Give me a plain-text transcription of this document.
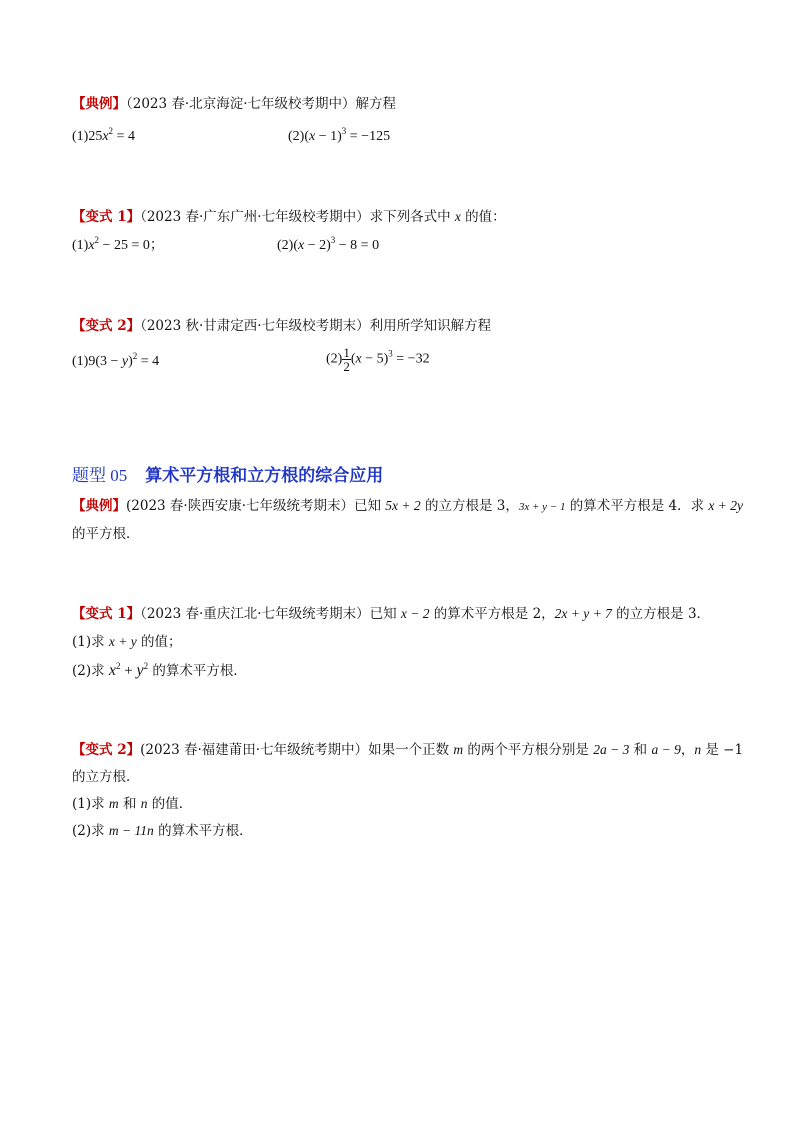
【典例】（2023 春·北京海淀·七年级校考期中）解方程
$(1)25x^2 = 4$	$(2)(x - 1)^3 = -125$
【变式 1】（2023 春·广东广州·七年级校考期中）求下列各式中 x 的值：
$(1)x^2 - 25 = 0$；	$(2)(x - 2)^3 - 8 = 0$
【变式 2】（2023 秋·甘肃定西·七年级校考期末）利用所学知识解方程
$(1)9(3 - y)^2 = 4$	$(2) \frac{1}{2} (x - 5)^3 = -32$
题型 05 算术平方根和立方根的综合应用
【典例】(2023 春·陕西安康·七年级统考期末）已知 5x + 2 的立方根是 3，3x + y − 1 的算术平方根是 4．求 x + 2y
的平方根．
【变式 1】（2023 春·重庆江北·七年级统考期末）已知 x − 2 的算术平方根是 2，2x + y + 7 的立方根是 3．
(1)求 x + y 的值；
(2)求 $x^2 + y^2$ 的算术平方根．
【变式 2】(2023 春·福建莆田·七年级统考期中）如果一个正数 m 的两个平方根分别是 2a − 3 和 a − 9，n 是 −1
的立方根．
(1)求 m 和 n 的值．
(2)求 m − 11n 的算术平方根．
